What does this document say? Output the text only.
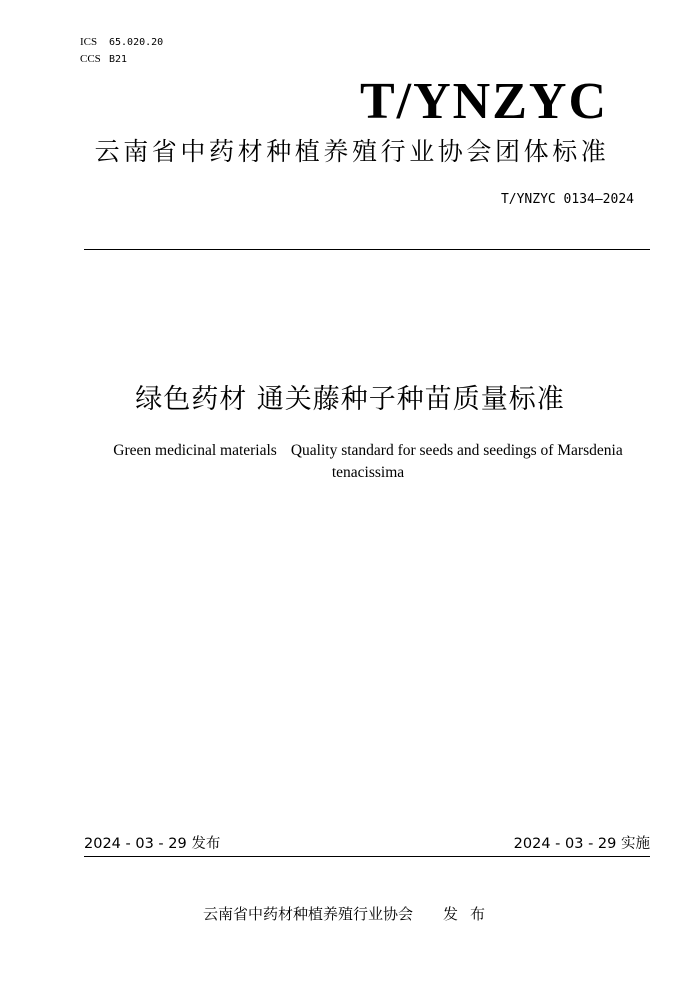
ICS	65.020.20
CCS B21
T/YNZYC
云南省中药材种植养殖行业协会团体标准
T/YNZYC 0134—2024
绿色药材 通关藤种子种苗质量标准
Green medicinal materials Quality standard for seeds and seedings of Marsdenia tenacissima
2024 - 03 - 29 发布	2024 - 03 - 29 实施
云南省中药材种植养殖行业协会 发布
